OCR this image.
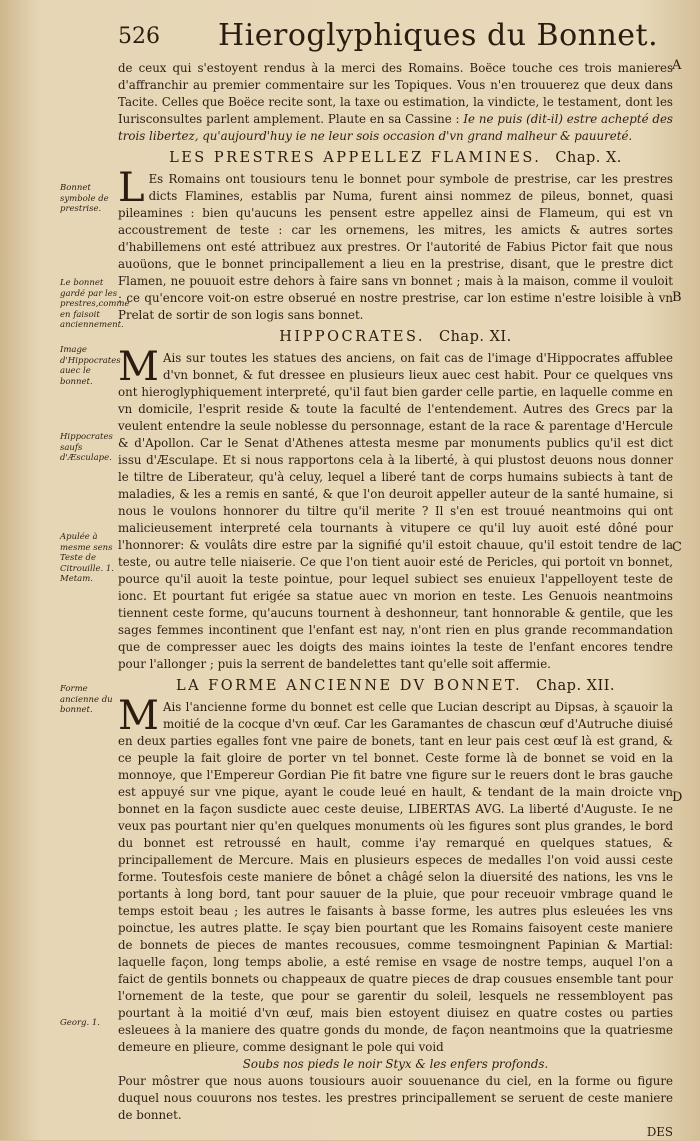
526 Hieroglyphiques du Bonnet.
Bonnet symbole de prestrise.
Le bonnet gardé par les prestres,comme en faisoit anciennement.
Image d'Hippocrates auec le bonnet.
Hippocrates saufs d'Æsculape.
Apulée à mesme sens Teste de Citrouille. 1. Metam.
Forme ancienne du bonnet.
Georg. 1.
A
B
C
D

de ceux qui s'estoyent rendus à la merci des Romains. Boëce touche ces trois manieres d'affranchir au premier commentaire sur les Topiques. Vous n'en trouuerez que deux dans Tacite. Celles que Boëce recite sont, la taxe ou estimation, la vindicte, le testament, dont les Iurisconsultes parlent amplement. Plaute en sa Cassine : Ie ne puis (dit-il) estre achepté des trois libertez, qu'aujourd'huy ie ne leur sois occasion d'vn grand malheur & pauureté.

LES PRESTRES APPELLEZ FLAMINES. Chap. X.

L Es Romains ont tousiours tenu le bonnet pour symbole de prestrise, car les prestres dicts Flamines, establis par Numa, furent ainsi nommez de pileus, bonnet, quasi pileamines : bien qu'aucuns les pensent estre appellez ainsi de Flameum, qui est vn accoustrement de teste : car les ornemens, les mitres, les amicts & autres sortes d'habillemens ont esté attribuez aux prestres. Or l'autorité de Fabius Pictor fait que nous auoüons, que le bonnet principallement a lieu en la prestrise, disant, que le prestre dict Flamen, ne pouuoit estre dehors à faire sans vn bonnet ; mais à la maison, comme il vouloit : ce qu'encore voit-on estre obserué en nostre prestrise, car lon estime n'estre loisible à vn Prelat de sortir de son logis sans bonnet.

HIPPOCRATES. Chap. XI.

M Ais sur toutes les statues des anciens, on fait cas de l'image d'Hippocrates affublee d'vn bonnet, & fut dressee en plusieurs lieux auec cest habit. Pour ce quelques vns ont hieroglyphiquement interpreté, qu'il faut bien garder celle partie, en laquelle comme en vn domicile, l'esprit reside & toute la faculté de l'entendement. Autres des Grecs par la veulent entendre la seule noblesse du personnage, estant de la race & parentage d'Hercule & d'Apollon. Car le Senat d'Athenes attesta mesme par monuments publics qu'il est dict issu d'Æsculape. Et si nous rapportons cela à la liberté, à qui plustost deuons nous donner le tiltre de Liberateur, qu'à celuy, lequel a liberé tant de corps humains subiects à tant de maladies, & les a remis en santé, & que l'on deuroit appeller auteur de la santé humaine, si nous le voulons honnorer du tiltre qu'il merite ? Il s'en est trouué neantmoins qui ont malicieusement interpreté cela tournants à vitupere ce qu'il luy auoit esté dôné pour l'honnorer: & voulâts dire estre par la signifié qu'il estoit chauue, qu'il estoit tendre de la teste, ou autre telle niaiserie. Ce que l'on tient auoir esté de Pericles, qui portoit vn bonnet, pource qu'il auoit la teste pointue, pour lequel subiect ses enuieux l'appelloyent teste de ionc. Et pourtant fut erigée sa statue auec vn morion en teste. Les Genuois neantmoins tiennent ceste forme, qu'aucuns tournent à deshonneur, tant honnorable & gentile, que les sages femmes incontinent que l'enfant est nay, n'ont rien en plus grande recommandation que de compresser auec les doigts des mains iointes la teste de l'enfant encores tendre pour l'allonger ; puis la serrent de bandelettes tant qu'elle soit affermie.

LA FORME ANCIENNE DV BONNET. Chap. XII.

M Ais l'ancienne forme du bonnet est celle que Lucian descript au Dipsas, à sçauoir la moitié de la cocque d'vn œuf. Car les Garamantes de chascun œuf d'Autruche diuisé en deux parties egalles font vne paire de bonets, tant en leur pais cest œuf là est grand, & ce peuple la fait gloire de porter vn tel bonnet. Ceste forme là de bonnet se void en la monnoye, que l'Empereur Gordian Pie fit batre vne figure sur le reuers dont le bras gauche est appuyé sur vne pique, ayant le coude leué en hault, & tendant de la main droicte vn bonnet en la façon susdicte auec ceste deuise, LIBERTAS AVG. La liberté d'Auguste. Ie ne veux pas pourtant nier qu'en quelques monuments où les figures sont plus grandes, le bord du bonnet est retroussé en hault, comme i'ay remarqué en quelques statues, & principallement de Mercure. Mais en plusieurs especes de medalles l'on void aussi ceste forme. Toutesfois ceste maniere de bônet a châgé selon la diuersité des nations, les vns le portants à long bord, tant pour sauuer de la pluie, que pour receuoir vmbrage quand le temps estoit beau ; les autres le faisants à basse forme, les autres plus esleuées les vns poinctue, les autres platte. Ie sçay bien pourtant que les Romains faisoyent ceste maniere de bonnets de pieces de mantes recousues, comme tesmoingnent Papinian & Martial: laquelle façon, long temps abolie, a esté remise en vsage de nostre temps, auquel l'on a faict de gentils bonnets ou chappeaux de quatre pieces de drap cousues ensemble tant pour l'ornement de la teste, que pour se garentir du soleil, lesquels ne ressembloyent pas pourtant à la moitié d'vn œuf, mais bien estoyent diuisez en quatre costes ou parties esleuees à la maniere des quatre gonds du monde, de façon neantmoins que la quatriesme demeure en plieure, comme designant le pole qui void

Soubs nos pieds le noir Styx & les enfers profonds.

Pour môstrer que nous auons tousiours auoir souuenance du ciel, en la forme ou figure duquel nous couurons nos testes. les prestres principallement se seruent de ceste maniere de bonnet.

DES
